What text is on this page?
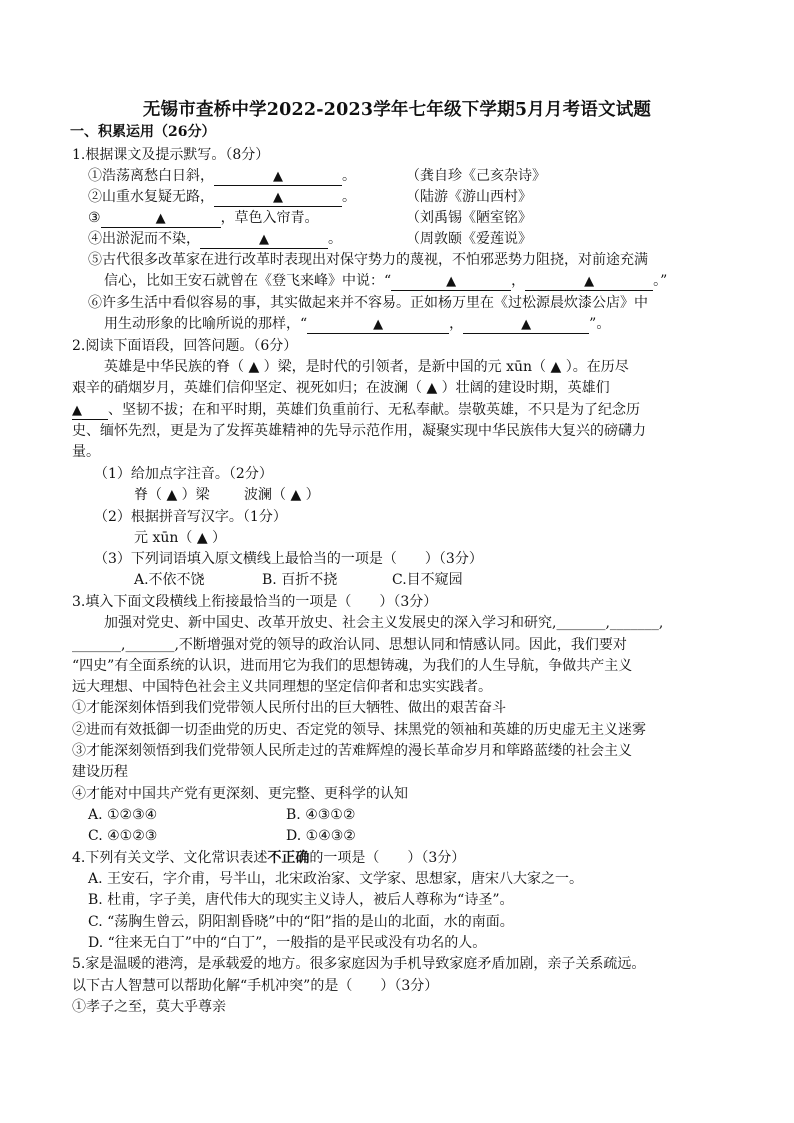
无锡市查桥中学2022-2023学年七年级下学期5月月考语文试题
一、积累运用（26分）
1.根据课文及提示默写。（8分）
①浩荡离愁白日斜，	▲	。	（龚自珍《己亥杂诗》
②山重水复疑无路，	▲	。	（陆游《游山西村》
③	▲	，草色入帘青。	（刘禹锡《陋室铭》
④出淤泥而不染，	▲	。	（周敦颐《爱莲说》
⑤古代很多改革家在进行改革时表现出对保守势力的蔑视，不怕邪恶势力阻挠，对前途充满
信心，比如王安石就曾在《登飞来峰》中说：“	▲	，	▲	。”
⑥许多生活中看似容易的事，其实做起来并不容易。正如杨万里在《过松源晨炊漆公店》中
用生动形象的比喻所说的那样，“	▲	，	▲	”。
2.阅读下面语段，回答问题。（6分）
英雄是中华民族的脊（ ▲ ）梁，是时代的引领者，是新中国的元 xūn（ ▲ ）。在历尽
艰辛的硝烟岁月，英雄们信仰坚定、视死如归；在波澜（ ▲ ）壮阔的建设时期，英雄们
▲ 、坚韧不拔；在和平时期，英雄们负重前行、无私奉献。崇敬英雄，不只是为了纪念历
史、缅怀先烈，更是为了发挥英雄精神的先导示范作用，凝聚实现中华民族伟大复兴的磅礴力
量。
（1）给加点字注音。（2分）
脊（ ▲ ）梁 波澜（ ▲ ）
（2）根据拼音写汉字。（1分）
元 xūn（ ▲ ）
（3）下列词语填入原文横线上最恰当的一项是（　　）（3分）
A.不依不饶	B. 百折不挠	C.目不窥园
3.填入下面文段横线上衔接最恰当的一项是（　　）（3分）
加强对党史、新中国史、改革开放史、社会主义发展史的深入学习和研究,_______,_______,
_______,_______,不断增强对党的领导的政治认同、思想认同和情感认同。因此，我们要对
“四史”有全面系统的认识，进而用它为我们的思想铸魂，为我们的人生导航，争做共产主义
远大理想、中国特色社会主义共同理想的坚定信仰者和忠实实践者。
①才能深刻体悟到我们党带领人民所付出的巨大牺牲、做出的艰苦奋斗
②进而有效抵御一切歪曲党的历史、否定党的领导、抹黑党的领袖和英雄的历史虚无主义迷雾
③才能深刻领悟到我们党带领人民所走过的苦难辉煌的漫长革命岁月和筚路蓝缕的社会主义
建设历程
④才能对中国共产党有更深刻、更完整、更科学的认知
A. ①②③④	B. ④③①②
C. ④①②③	D. ①④③②
4.下列有关文学、文化常识表述不正确的一项是（　　）（3分）
A. 王安石，字介甫，号半山，北宋政治家、文学家、思想家，唐宋八大家之一。
B. 杜甫，字子美，唐代伟大的现实主义诗人，被后人尊称为“诗圣”。
C. “荡胸生曾云，阴阳割昏晓”中的“阳”指的是山的北面，水的南面。
D. “往来无白丁”中的“白丁”，一般指的是平民或没有功名的人。
5.家是温暖的港湾，是承载爱的地方。很多家庭因为手机导致家庭矛盾加剧，亲子关系疏远。
以下古人智慧可以帮助化解“手机冲突”的是（　　）（3分）
①孝子之至，莫大乎尊亲
